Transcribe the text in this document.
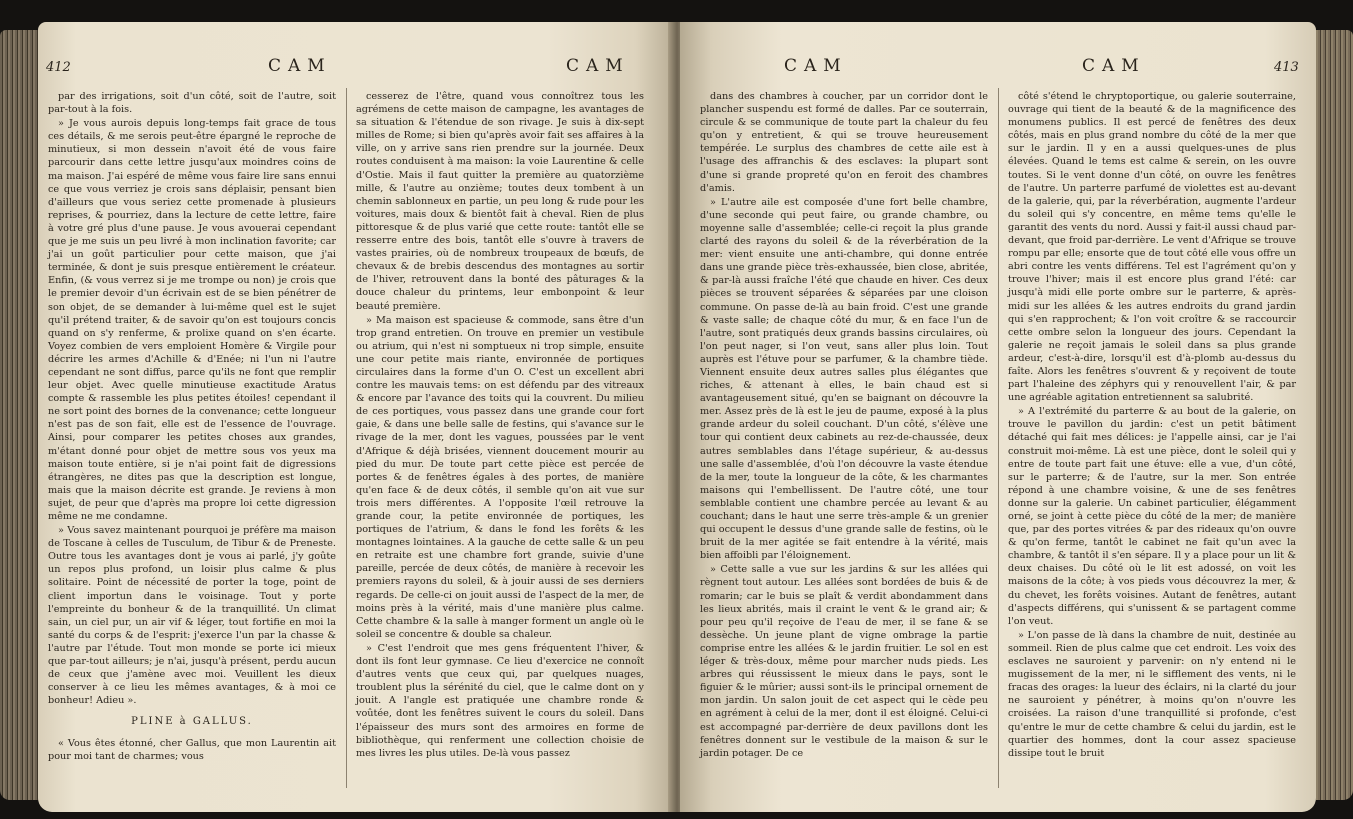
412	CAM	CAM

par des irrigations, soit d'un côté, soit de l'autre, soit par-tout à la fois.

» Je vous aurois depuis long-temps fait grace de tous ces détails, & me serois peut-être épargné le reproche de minutieux, si mon dessein n'avoit été de vous faire parcourir dans cette lettre jusqu'aux moindres coins de ma maison. J'ai espéré de même vous faire lire sans ennui ce que vous verriez je crois sans déplaisir, pensant bien d'ailleurs que vous seriez cette promenade à plusieurs reprises, & pourriez, dans la lecture de cette lettre, faire à votre gré plus d'une pause. Je vous avouerai cependant que je me suis un peu livré à mon inclination favorite; car j'ai un goût particulier pour cette maison, que j'ai terminée, & dont je suis presque entièrement le créateur. Enfin, (& vous verrez si je me trompe ou non) je crois que le premier devoir d'un écrivain est de se bien pénétrer de son objet, de se demander à lui-même quel est le sujet qu'il prétend traiter, & de savoir qu'on est toujours concis quand on s'y renferme, & prolixe quand on s'en écarte. Voyez combien de vers emploient Homère & Virgile pour décrire les armes d'Achille & d'Enée; ni l'un ni l'autre cependant ne sont diffus, parce qu'ils ne font que remplir leur objet. Avec quelle minutieuse exactitude Aratus compte & rassemble les plus petites étoiles! cependant il ne sort point des bornes de la convenance; cette longueur n'est pas de son fait, elle est de l'essence de l'ouvrage. Ainsi, pour comparer les petites choses aux grandes, m'étant donné pour objet de mettre sous vos yeux ma maison toute entière, si je n'ai point fait de digressions étrangères, ne dites pas que la description est longue, mais que la maison décrite est grande. Je reviens à mon sujet, de peur que d'après ma propre loi cette digression même ne me condamne.

» Vous savez maintenant pourquoi je préfère ma maison de Toscane à celles de Tusculum, de Tibur & de Preneste. Outre tous les avantages dont je vous ai parlé, j'y goûte un repos plus profond, un loisir plus calme & plus solitaire. Point de nécessité de porter la toge, point de client importun dans le voisinage. Tout y porte l'empreinte du bonheur & de la tranquillité. Un climat sain, un ciel pur, un air vif & léger, tout fortifie en moi la santé du corps & de l'esprit: j'exerce l'un par la chasse & l'autre par l'étude. Tout mon monde se porte ici mieux que par-tout ailleurs; je n'ai, jusqu'à présent, perdu aucun de ceux que j'amène avec moi. Veuillent les dieux conserver à ce lieu les mêmes avantages, & à moi ce bonheur! Adieu ».

PLINE à GALLUS.

« Vous êtes étonné, cher Gallus, que mon Laurentin ait pour moi tant de charmes; vous

cesserez de l'être, quand vous connoîtrez tous les agrémens de cette maison de campagne, les avantages de sa situation & l'étendue de son rivage. Je suis à dix-sept milles de Rome; si bien qu'après avoir fait ses affaires à la ville, on y arrive sans rien prendre sur la journée. Deux routes conduisent à ma maison: la voie Laurentine & celle d'Ostie. Mais il faut quitter la première au quatorzième mille, & l'autre au onzième; toutes deux tombent à un chemin sablonneux en partie, un peu long & rude pour les voitures, mais doux & bientôt fait à cheval. Rien de plus pittoresque & de plus varié que cette route: tantôt elle se resserre entre des bois, tantôt elle s'ouvre à travers de vastes prairies, où de nombreux troupeaux de bœufs, de chevaux & de brebis descendus des montagnes au sortir de l'hiver, retrouvent dans la bonté des pâturages & la douce chaleur du printems, leur embonpoint & leur beauté première.

» Ma maison est spacieuse & commode, sans être d'un trop grand entretien. On trouve en premier un vestibule ou atrium, qui n'est ni somptueux ni trop simple, ensuite une cour petite mais riante, environnée de portiques circulaires dans la forme d'un O. C'est un excellent abri contre les mauvais tems: on est défendu par des vitreaux & encore par l'avance des toits qui la couvrent. Du milieu de ces portiques, vous passez dans une grande cour fort gaie, & dans une belle salle de festins, qui s'avance sur le rivage de la mer, dont les vagues, poussées par le vent d'Afrique & déjà brisées, viennent doucement mourir au pied du mur. De toute part cette pièce est percée de portes & de fenêtres égales à des portes, de manière qu'en face & de deux côtés, il semble qu'on ait vue sur trois mers différentes. A l'opposite l'œil retrouve la grande cour, la petite environnée de portiques, les portiques de l'atrium, & dans le fond les forêts & les montagnes lointaines. A la gauche de cette salle & un peu en retraite est une chambre fort grande, suivie d'une pareille, percée de deux côtés, de manière à recevoir les premiers rayons du soleil, & à jouir aussi de ses derniers regards. De celle-ci on jouit aussi de l'aspect de la mer, de moins près à la vérité, mais d'une manière plus calme. Cette chambre & la salle à manger forment un angle où le soleil se concentre & double sa chaleur.

» C'est l'endroit que mes gens fréquentent l'hiver, & dont ils font leur gymnase. Ce lieu d'exercice ne connoît d'autres vents que ceux qui, par quelques nuages, troublent plus la sérénité du ciel, que le calme dont on y jouit. A l'angle est pratiquée une chambre ronde & voûtée, dont les fenêtres suivent le cours du soleil. Dans l'épaisseur des murs sont des armoires en forme de bibliothèque, qui renferment une collection choisie de mes livres les plus utiles. De-là vous passez

CAM	CAM	413

dans des chambres à coucher, par un corridor dont le plancher suspendu est formé de dalles. Par ce souterrain, circule & se communique de toute part la chaleur du feu qu'on y entretient, & qui se trouve heureusement tempérée. Le surplus des chambres de cette aile est à l'usage des affranchis & des esclaves: la plupart sont d'une si grande propreté qu'on en feroit des chambres d'amis.

» L'autre aile est composée d'une fort belle chambre, d'une seconde qui peut faire, ou grande chambre, ou moyenne salle d'assemblée; celle-ci reçoit la plus grande clarté des rayons du soleil & de la réverbération de la mer: vient ensuite une anti-chambre, qui donne entrée dans une grande pièce très-exhaussée, bien close, abritée, & par-là aussi fraîche l'été que chaude en hiver. Ces deux pièces se trouvent séparées & séparées par une cloison commune. On passe de-là au bain froid. C'est une grande & vaste salle; de chaque côté du mur, & en face l'un de l'autre, sont pratiqués deux grands bassins circulaires, où l'on peut nager, si l'on veut, sans aller plus loin. Tout auprès est l'étuve pour se parfumer, & la chambre tiède. Viennent ensuite deux autres salles plus élégantes que riches, & attenant à elles, le bain chaud est si avantageusement situé, qu'en se baignant on découvre la mer. Assez près de là est le jeu de paume, exposé à la plus grande ardeur du soleil couchant. D'un côté, s'élève une tour qui contient deux cabinets au rez-de-chaussée, deux autres semblables dans l'étage supérieur, & au-dessus une salle d'assemblée, d'où l'on découvre la vaste étendue de la mer, toute la longueur de la côte, & les charmantes maisons qui l'embellissent. De l'autre côté, une tour semblable contient une chambre percée au levant & au couchant; dans le haut une serre très-ample & un grenier qui occupent le dessus d'une grande salle de festins, où le bruit de la mer agitée se fait entendre à la vérité, mais bien affoibli par l'éloignement.

» Cette salle a vue sur les jardins & sur les allées qui règnent tout autour. Les allées sont bordées de buis & de romarin; car le buis se plaît & verdit abondamment dans les lieux abrités, mais il craint le vent & le grand air; & pour peu qu'il reçoive de l'eau de mer, il se fane & se dessèche. Un jeune plant de vigne ombrage la partie comprise entre les allées & le jardin fruitier. Le sol en est léger & très-doux, même pour marcher nuds pieds. Les arbres qui réussissent le mieux dans le pays, sont le figuier & le mûrier; aussi sont-ils le principal ornement de mon jardin. Un salon jouit de cet aspect qui le cède peu en agrément à celui de la mer, dont il est éloigné. Celui-ci est accompagné par-derrière de deux pavillons dont les fenêtres donnent sur le vestibule de la maison & sur le jardin potager. De ce

côté s'étend le chryptoportique, ou galerie souterraine, ouvrage qui tient de la beauté & de la magnificence des monumens publics. Il est percé de fenêtres des deux côtés, mais en plus grand nombre du côté de la mer que sur le jardin. Il y en a aussi quelques-unes de plus élevées. Quand le tems est calme & serein, on les ouvre toutes. Si le vent donne d'un côté, on ouvre les fenêtres de l'autre. Un parterre parfumé de violettes est au-devant de la galerie, qui, par la réverbération, augmente l'ardeur du soleil qui s'y concentre, en même tems qu'elle le garantit des vents du nord. Aussi y fait-il aussi chaud par-devant, que froid par-derrière. Le vent d'Afrique se trouve rompu par elle; ensorte que de tout côté elle vous offre un abri contre les vents différens. Tel est l'agrément qu'on y trouve l'hiver; mais il est encore plus grand l'été: car jusqu'à midi elle porte ombre sur le parterre, & après-midi sur les allées & les autres endroits du grand jardin qui s'en rapprochent; & l'on voit croître & se raccourcir cette ombre selon la longueur des jours. Cependant la galerie ne reçoit jamais le soleil dans sa plus grande ardeur, c'est-à-dire, lorsqu'il est d'à-plomb au-dessus du faîte. Alors les fenêtres s'ouvrent & y reçoivent de toute part l'haleine des zéphyrs qui y renouvellent l'air, & par une agréable agitation entretiennent sa salubrité.

» A l'extrémité du parterre & au bout de la galerie, on trouve le pavillon du jardin: c'est un petit bâtiment détaché qui fait mes délices: je l'appelle ainsi, car je l'ai construit moi-même. Là est une pièce, dont le soleil qui y entre de toute part fait une étuve: elle a vue, d'un côté, sur le parterre; & de l'autre, sur la mer. Son entrée répond à une chambre voisine, & une de ses fenêtres donne sur la galerie. Un cabinet particulier, élégamment orné, se joint à cette pièce du côté de la mer; de manière que, par des portes vitrées & par des rideaux qu'on ouvre & qu'on ferme, tantôt le cabinet ne fait qu'un avec la chambre, & tantôt il s'en sépare. Il y a place pour un lit & deux chaises. Du côté où le lit est adossé, on voit les maisons de la côte; à vos pieds vous découvrez la mer, & du chevet, les forêts voisines. Autant de fenêtres, autant d'aspects différens, qui s'unissent & se partagent comme l'on veut.

» L'on passe de là dans la chambre de nuit, destinée au sommeil. Rien de plus calme que cet endroit. Les voix des esclaves ne sauroient y parvenir: on n'y entend ni le mugissement de la mer, ni le sifflement des vents, ni le fracas des orages: la lueur des éclairs, ni la clarté du jour ne sauroient y pénétrer, à moins qu'on n'ouvre les croisées. La raison d'une tranquillité si profonde, c'est qu'entre le mur de cette chambre & celui du jardin, est le quartier des hommes, dont la cour assez spacieuse dissipe tout le bruit
